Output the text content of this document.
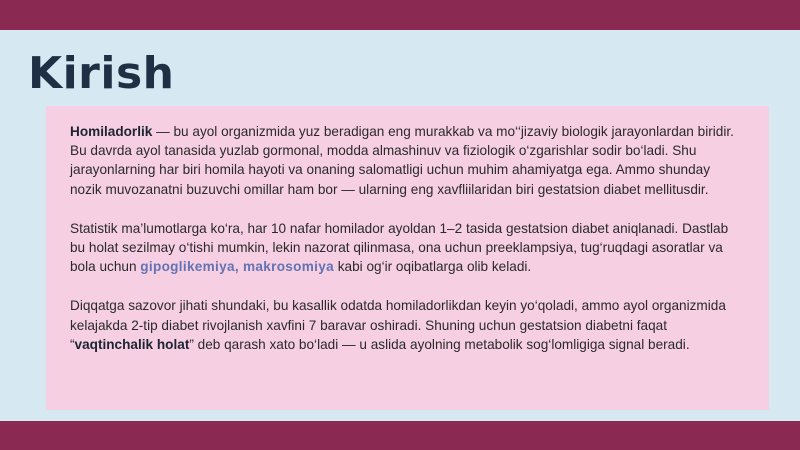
Kirish

Homiladorlik — bu ayol organizmida yuz beradigan eng murakkab va mo‘‘jizaviy biologik jarayonlardan biridir. Bu davrda ayol tanasida yuzlab gormonal, modda almashinuv va fiziologik o‘zgarishlar sodir bo‘ladi. Shu jarayonlarning har biri homila hayoti va onaning salomatligi uchun muhim ahamiyatga ega. Ammo shunday nozik muvozanatni buzuvchi omillar ham bor — ularning eng xavfliilaridan biri gestatsion diabet mellitusdir.

Statistik ma’lumotlarga ko‘ra, har 10 nafar homilador ayoldan 1–2 tasida gestatsion diabet aniqlanadi. Dastlab bu holat sezilmay o‘tishi mumkin, lekin nazorat qilinmasa, ona uchun preeklampsiya, tug‘ruqdagi asoratlar va bola uchun gipoglikemiya, makrosomiya kabi og‘ir oqibatlarga olib keladi.

Diqqatga sazovor jihati shundaki, bu kasallik odatda homiladorlikdan keyin yo‘qoladi, ammo ayol organizmida kelajakda 2-tip diabet rivojlanish xavfini 7 baravar oshiradi. Shuning uchun gestatsion diabetni faqat “vaqtinchalik holat” deb qarash xato bo‘ladi — u aslida ayolning metabolik sog‘lomligiga signal beradi.
